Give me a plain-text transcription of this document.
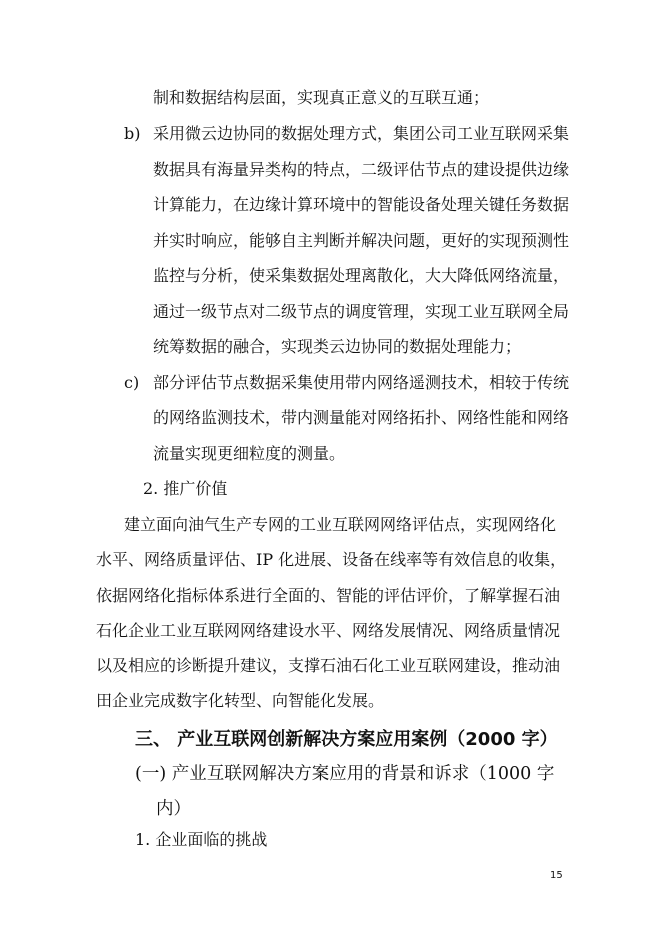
制和数据结构层面，实现真正意义的互联互通；
b) 采用微云边协同的数据处理方式，集团公司工业互联网采集
数据具有海量异类构的特点，二级评估节点的建设提供边缘
计算能力，在边缘计算环境中的智能设备处理关键任务数据
并实时响应，能够自主判断并解决问题，更好的实现预测性
监控与分析，使采集数据处理离散化，大大降低网络流量，
通过一级节点对二级节点的调度管理，实现工业互联网全局
统筹数据的融合，实现类云边协同的数据处理能力；
c) 部分评估节点数据采集使用带内网络遥测技术，相较于传统
的网络监测技术，带内测量能对网络拓扑、网络性能和网络
流量实现更细粒度的测量。
2. 推广价值
建立面向油气生产专网的工业互联网网络评估点，实现网络化
水平、网络质量评估、IP 化进展、设备在线率等有效信息的收集，
依据网络化指标体系进行全面的、智能的评估评价，了解掌握石油
石化企业工业互联网网络建设水平、网络发展情况、网络质量情况
以及相应的诊断提升建议，支撑石油石化工业互联网建设，推动油
田企业完成数字化转型、向智能化发展。
三、 产业互联网创新解决方案应用案例（2000 字）
(一) 产业互联网解决方案应用的背景和诉求（1000 字
内）
1. 企业面临的挑战
15
